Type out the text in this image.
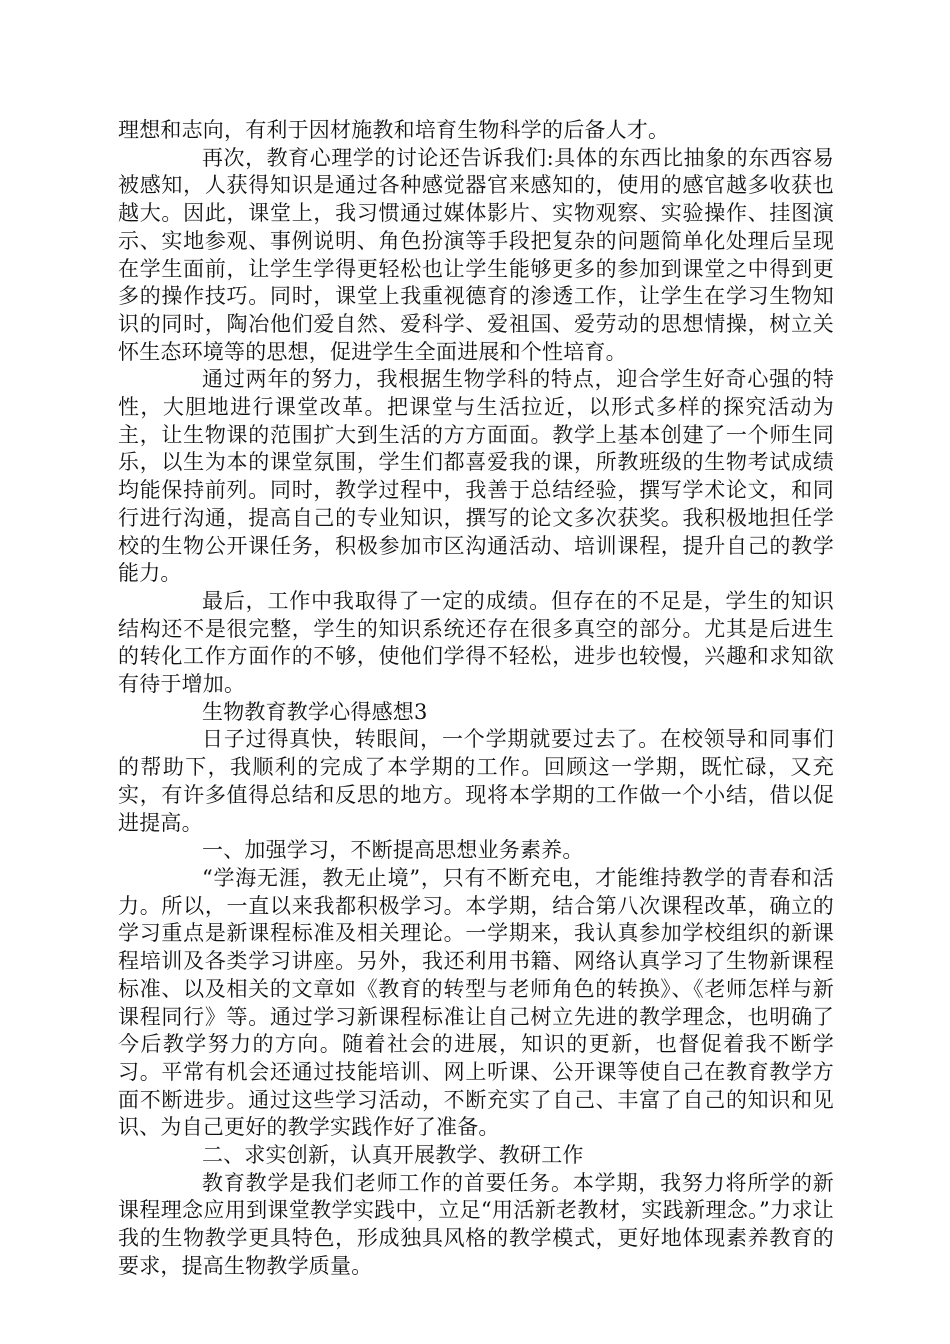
理想和志向，有利于因材施教和培育生物科学的后备人才。

再次，教育心理学的讨论还告诉我们:具体的东西比抽象的东西容易被感知，人获得知识是通过各种感觉器官来感知的，使用的感官越多收获也越大。因此，课堂上，我习惯通过媒体影片、实物观察、实验操作、挂图演示、实地参观、事例说明、角色扮演等手段把复杂的问题简单化处理后呈现在学生面前，让学生学得更轻松也让学生能够更多的参加到课堂之中得到更多的操作技巧。同时，课堂上我重视德育的渗透工作，让学生在学习生物知识的同时，陶冶他们爱自然、爱科学、爱祖国、爱劳动的思想情操，树立关怀生态环境等的思想，促进学生全面进展和个性培育。

通过两年的努力，我根据生物学科的特点，迎合学生好奇心强的特性，大胆地进行课堂改革。把课堂与生活拉近，以形式多样的探究活动为主，让生物课的范围扩大到生活的方方面面。教学上基本创建了一个师生同乐，以生为本的课堂氛围，学生们都喜爱我的课，所教班级的生物考试成绩均能保持前列。同时，教学过程中，我善于总结经验，撰写学术论文，和同行进行沟通，提高自己的专业知识，撰写的论文多次获奖。我积极地担任学校的生物公开课任务，积极参加市区沟通活动、培训课程，提升自己的教学能力。

最后，工作中我取得了一定的成绩。但存在的不足是，学生的知识结构还不是很完整，学生的知识系统还存在很多真空的部分。尤其是后进生的转化工作方面作的不够，使他们学得不轻松，进步也较慢，兴趣和求知欲有待于增加。

生物教育教学心得感想3

日子过得真快，转眼间，一个学期就要过去了。在校领导和同事们的帮助下，我顺利的完成了本学期的工作。回顾这一学期，既忙碌，又充实，有许多值得总结和反思的地方。现将本学期的工作做一个小结，借以促进提高。

一、加强学习，不断提高思想业务素养。

“学海无涯，教无止境”，只有不断充电，才能维持教学的青春和活力。所以，一直以来我都积极学习。本学期，结合第八次课程改革，确立的学习重点是新课程标准及相关理论。一学期来，我认真参加学校组织的新课程培训及各类学习讲座。另外，我还利用书籍、网络认真学习了生物新课程标准、以及相关的文章如《教育的转型与老师角色的转换》、《老师怎样与新课程同行》等。通过学习新课程标准让自己树立先进的教学理念，也明确了今后教学努力的方向。随着社会的进展，知识的更新，也督促着我不断学习。平常有机会还通过技能培训、网上听课、公开课等使自己在教育教学方面不断进步。通过这些学习活动，不断充实了自己、丰富了自己的知识和见识、为自己更好的教学实践作好了准备。

二、求实创新，认真开展教学、教研工作

教育教学是我们老师工作的首要任务。本学期，我努力将所学的新课程理念应用到课堂教学实践中，立足“用活新老教材，实践新理念。”力求让我的生物教学更具特色，形成独具风格的教学模式，更好地体现素养教育的要求，提高生物教学质量。
